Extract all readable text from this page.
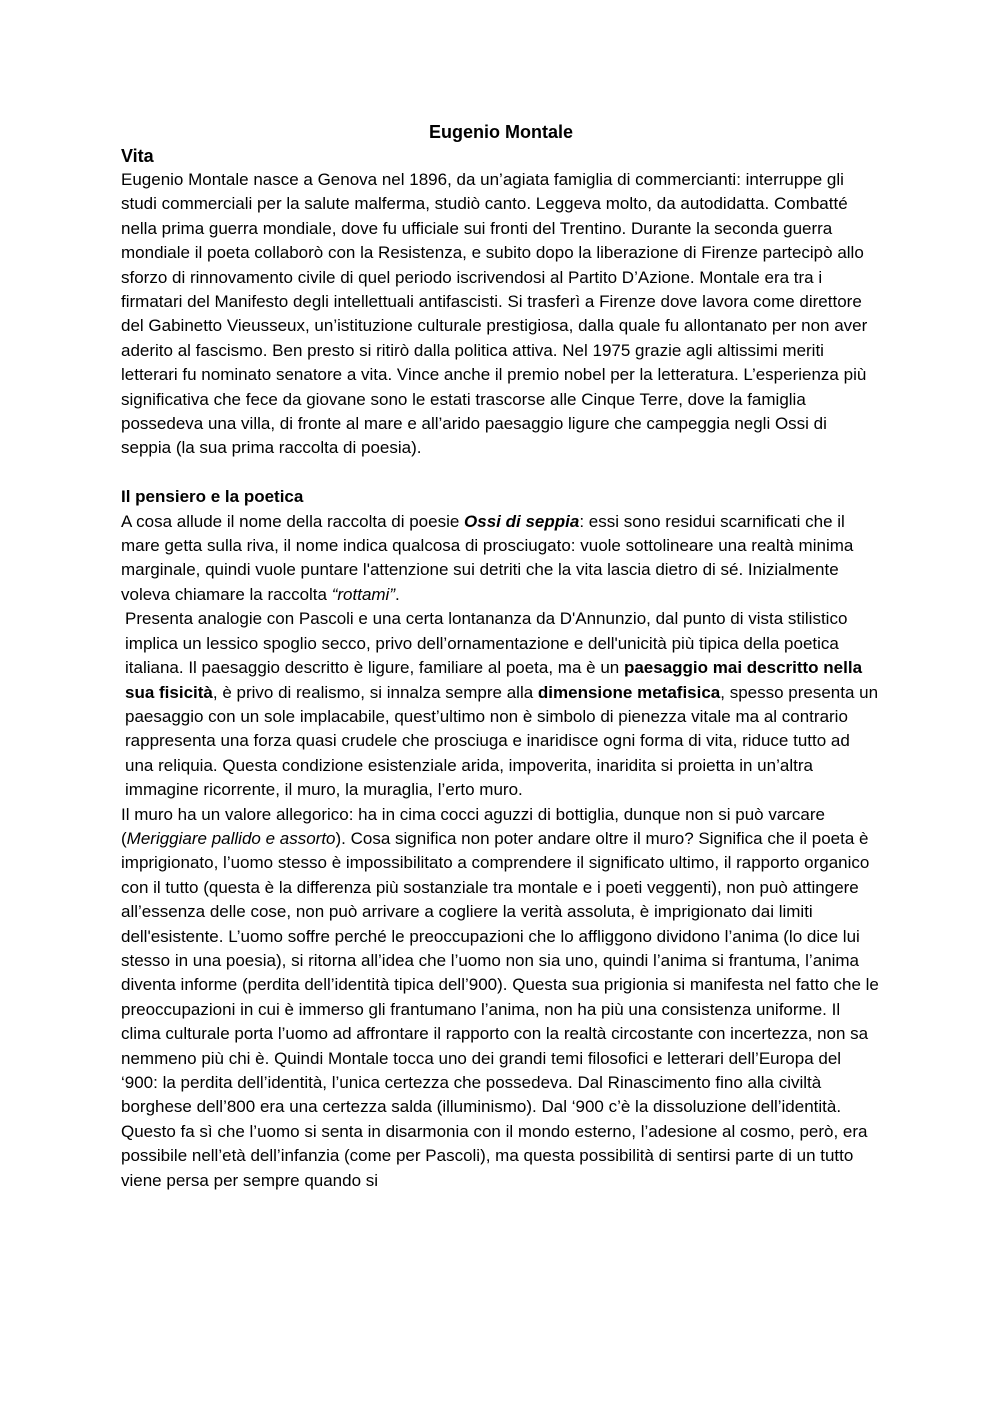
Eugenio Montale

Vita

Eugenio Montale nasce a Genova nel 1896, da un’agiata famiglia di commercianti: interruppe gli studi commerciali per la salute malferma, studiò canto. Leggeva molto, da autodidatta. Combatté nella prima guerra mondiale, dove fu ufficiale sui fronti del Trentino. Durante la seconda guerra mondiale il poeta collaborò con la Resistenza, e subito dopo la liberazione di Firenze partecipò allo sforzo di rinnovamento civile di quel periodo iscrivendosi al Partito D’Azione. Montale era tra i firmatari del Manifesto degli intellettuali antifascisti. Si trasferì a Firenze dove lavora come direttore del Gabinetto Vieusseux, un’istituzione culturale prestigiosa, dalla quale fu allontanato per non aver aderito al fascismo. Ben presto si ritirò dalla politica attiva. Nel 1975 grazie agli altissimi meriti letterari fu nominato senatore a vita. Vince anche il premio nobel per la letteratura. L’esperienza più significativa che fece da giovane sono le estati trascorse alle Cinque Terre, dove la famiglia possedeva una villa, di fronte al mare e all’arido paesaggio ligure che campeggia negli Ossi di seppia (la sua prima raccolta di poesia).

Il pensiero e la poetica

A cosa allude il nome della raccolta di poesie Ossi di seppia: essi sono residui scarnificati che il mare getta sulla riva, il nome indica qualcosa di prosciugato: vuole sottolineare una realtà minima marginale, quindi vuole puntare l'attenzione sui detriti che la vita lascia dietro di sé. Inizialmente voleva chiamare la raccolta “rottami”.

Presenta analogie con Pascoli e una certa lontananza da D'Annunzio, dal punto di vista stilistico implica un lessico spoglio secco, privo dell’ornamentazione e dell'unicità più tipica della poetica italiana. Il paesaggio descritto è ligure, familiare al poeta, ma è un paesaggio mai descritto nella sua fisicità, è privo di realismo, si innalza sempre alla dimensione metafisica, spesso presenta un paesaggio con un sole implacabile, quest’ultimo non è simbolo di pienezza vitale ma al contrario rappresenta una forza quasi crudele che prosciuga e inaridisce ogni forma di vita, riduce tutto ad una reliquia. Questa condizione esistenziale arida, impoverita, inaridita si proietta in un’altra immagine ricorrente, il muro, la muraglia, l’erto muro.

Il muro ha un valore allegorico: ha in cima cocci aguzzi di bottiglia, dunque non si può varcare (Meriggiare pallido e assorto). Cosa significa non poter andare oltre il muro? Significa che il poeta è imprigionato, l’uomo stesso è impossibilitato a comprendere il significato ultimo, il rapporto organico con il tutto (questa è la differenza più sostanziale tra montale e i poeti veggenti), non può attingere all’essenza delle cose, non può arrivare a cogliere la verità assoluta, è imprigionato dai limiti dell'esistente. L’uomo soffre perché le preoccupazioni che lo affliggono dividono l’anima (lo dice lui stesso in una poesia), si ritorna all’idea che l’uomo non sia uno, quindi l’anima si frantuma, l’anima diventa informe (perdita dell’identità tipica dell’900). Questa sua prigionia si manifesta nel fatto che le preoccupazioni in cui è immerso gli frantumano l’anima, non ha più una consistenza uniforme. Il clima culturale porta l’uomo ad affrontare il rapporto con la realtà circostante con incertezza, non sa nemmeno più chi è. Quindi Montale tocca uno dei grandi temi filosofici e letterari dell’Europa del ‘900: la perdita dell’identità, l’unica certezza che possedeva. Dal Rinascimento fino alla civiltà borghese dell’800 era una certezza salda (illuminismo). Dal ‘900 c’è la dissoluzione dell’identità. Questo fa sì che l’uomo si senta in disarmonia con il mondo esterno, l’adesione al cosmo, però, era possibile nell’età dell’infanzia (come per Pascoli), ma questa possibilità di sentirsi parte di un tutto viene persa per sempre quando si
